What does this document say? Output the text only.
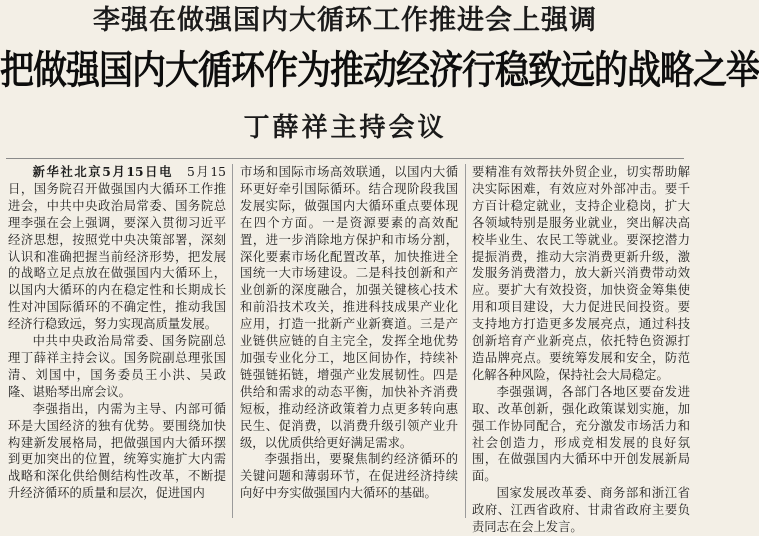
李强在做强国内大循环工作推进会上强调
把做强国内大循环作为推动经济行稳致远的战略之举
丁薛祥主持会议

新华社北京5月15日电　 5月15日，国务院召开做强国内大循环工作推进会，中共中央政治局常委、国务院总理李强在会上强调，要深入贯彻习近平经济思想，按照党中央决策部署，深刻认识和准确把握当前经济形势，把发展的战略立足点放在做强国内大循环上，以国内大循环的内在稳定性和长期成长性对冲国际循环的不确定性，推动我国经济行稳致远，努力实现高质量发展。

中共中央政治局常委、国务院副总理丁薛祥主持会议。国务院副总理张国清、刘国中，国务委员王小洪、吴政隆、谌贻琴出席会议。

李强指出，内需为主导、内部可循环是大国经济的独有优势。要围绕加快构建新发展格局，把做强国内大循环摆到更加突出的位置，统筹实施扩大内需战略和深化供给侧结构性改革，不断提升经济循环的质量和层次，促进国内

市场和国际市场高效联通，以国内大循环更好牵引国际循环。结合现阶段我国发展实际，做强国内大循环重点要体现在四个方面。一是资源要素的高效配置，进一步消除地方保护和市场分割，深化要素市场化配置改革，加快推进全国统一大市场建设。二是科技创新和产业创新的深度融合，加强关键核心技术和前沿技术攻关，推进科技成果产业化应用，打造一批新产业新赛道。三是产业链供应链的自主完全，发挥全地优势加强专业化分工，地区间协作，持续补链强链拓链，增强产业发展韧性。四是供给和需求的动态平衡，加快补齐消费短板，推动经济政策着力点更多转向惠民生、促消费，以消费升级引领产业升级，以优质供给更好满足需求。

李强指出，要聚焦制约经济循环的关键问题和薄弱环节，在促进经济持续向好中夯实做强国内大循环的基础。

要精准有效帮扶外贸企业，切实帮助解决实际困难，有效应对外部冲击。要千方百计稳定就业，支持企业稳岗，扩大各领域特别是服务业就业，突出解决高校毕业生、农民工等就业。要深挖潜力提振消费，推动大宗消费更新升级，激发服务消费潜力，放大新兴消费带动效应。要扩大有效投资，加快资金筹集使用和项目建设，大力促进民间投资。要支持地方打造更多发展亮点，通过科技创新培育产业新亮点，依托特色资源打造品牌亮点。要统筹发展和安全，防范化解各种风险，保持社会大局稳定。

李强强调，各部门各地区要奋发进取、改革创新，强化政策谋划实施，加强工作协同配合，充分激发市场活力和社会创造力，形成竞相发展的良好氛围，在做强国内大循环中开创发展新局面。

国家发展改革委、商务部和浙江省政府、江西省政府、甘肃省政府主要负责同志在会上发言。
